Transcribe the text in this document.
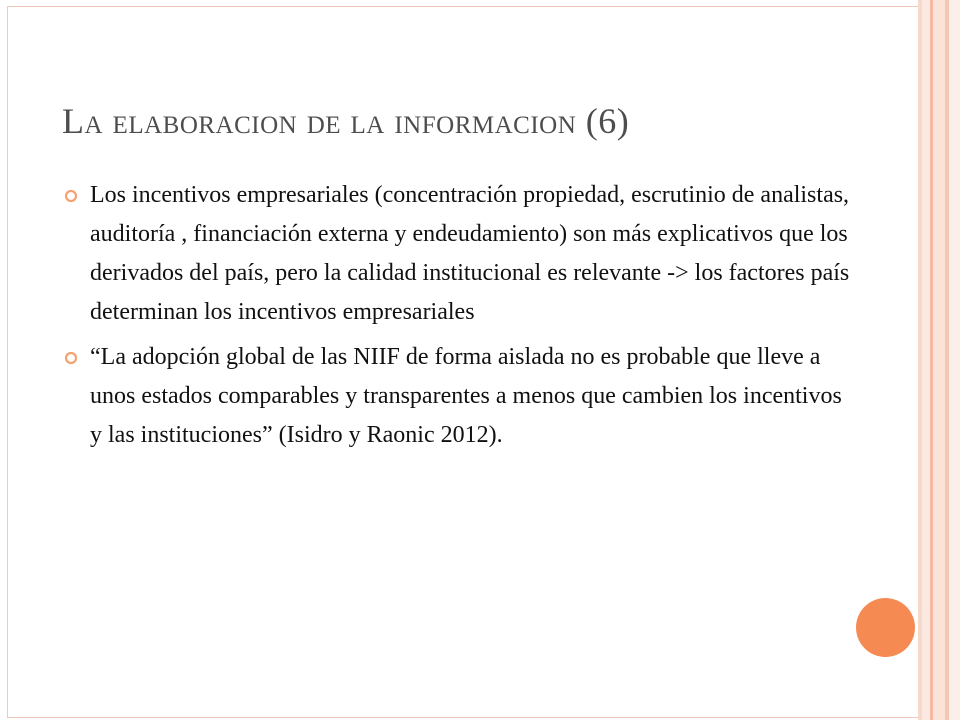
La elaboracion de la informacion (6)
Los incentivos empresariales (concentración propiedad, escrutinio de analistas, auditoría , financiación externa y endeudamiento) son más explicativos que los derivados del país, pero la calidad institucional es relevante -> los factores país determinan los incentivos empresariales
“La adopción global de las NIIF de forma aislada no es probable que lleve a unos estados comparables y transparentes a menos que cambien los incentivos y las instituciones” (Isidro y Raonic 2012).
